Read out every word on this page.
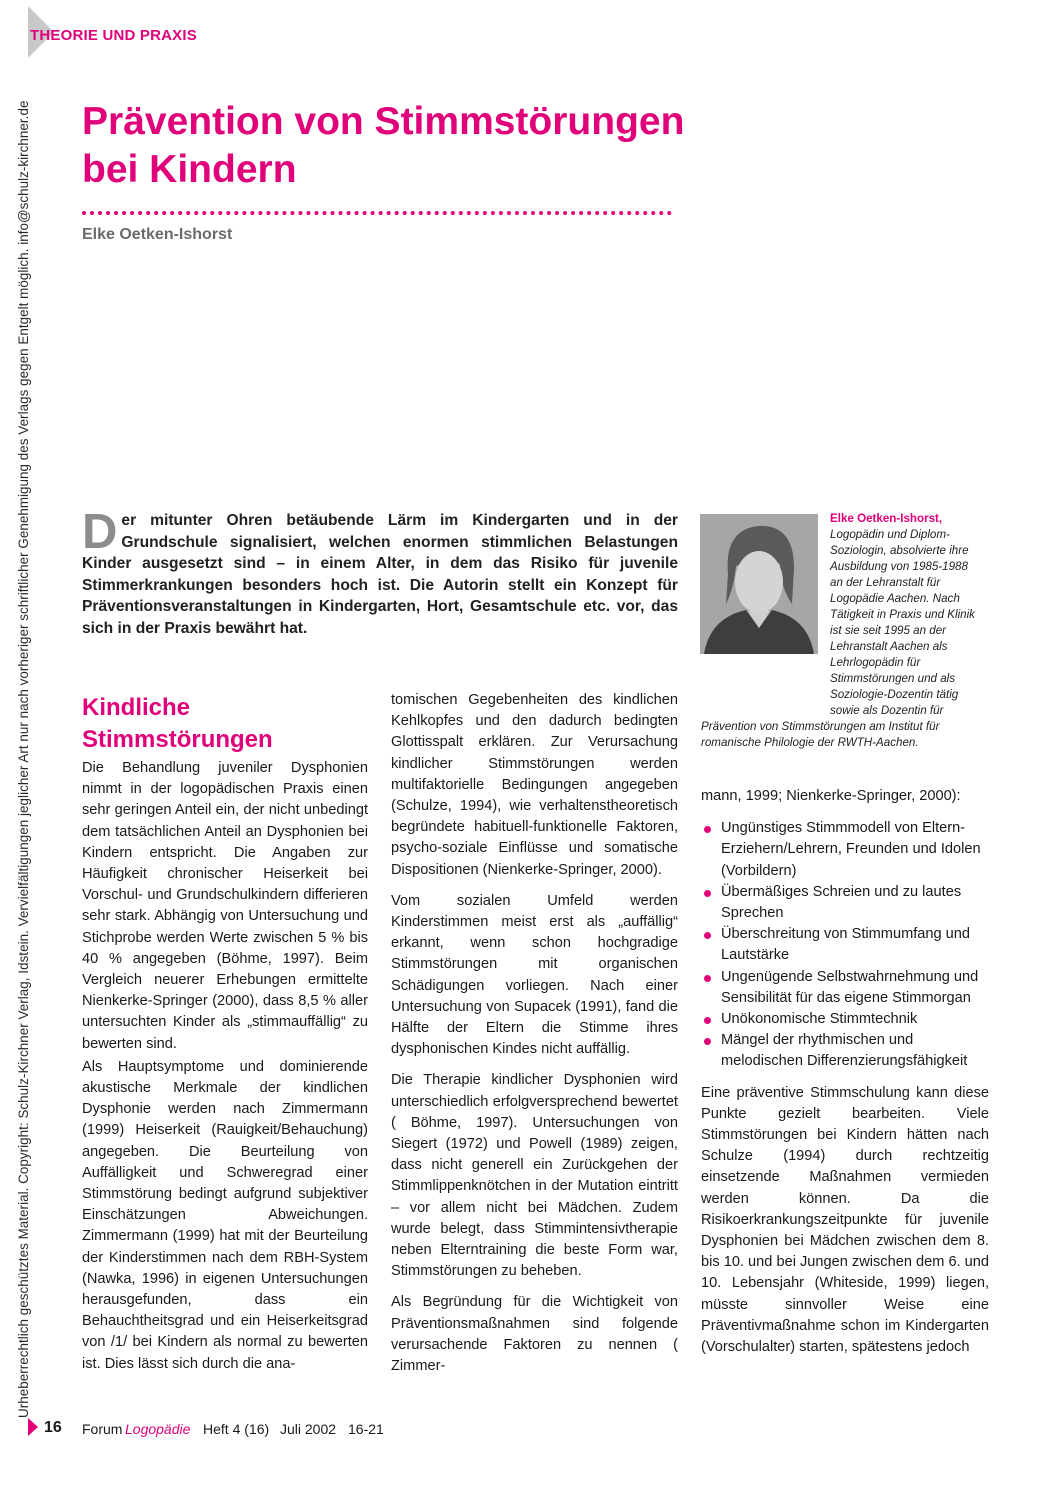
THEORIE UND PRAXIS
Urheberrechtlich geschütztes Material. Copyright: Schulz-Kirchner Verlag, Idstein. Vervielfältigungen jeglicher Art nur nach vorheriger schriftlicher Genehmigung des Verlags gegen Entgelt möglich. info@schulz-kirchner.de Prävention von Stimmstörungen
bei Kindern
Elke Oetken-Ishorst

Der mitunter Ohren betäubende Lärm im Kindergarten und in der Grundschule signalisiert, welchen enormen stimmlichen Belastungen Kinder ausgesetzt sind – in einem Alter, in dem das Risiko für juvenile Stimmerkrankungen besonders hoch ist. Die Autorin stellt ein Konzept für Präventionsveranstaltungen in Kindergarten, Hort, Gesamtschule etc. vor, das sich in der Praxis bewährt hat.

Elke Oetken-Ishorst, Logopädin und Diplom-Soziologin, absolvierte ihre Ausbildung von 1985-1988 an der Lehranstalt für Logopädie Aachen. Nach Tätigkeit in Praxis und Klinik ist sie seit 1995 an der Lehranstalt Aachen als Lehrlogopädin für Stimmstörungen und als Soziologie-Dozentin tätig sowie als Dozentin für Prävention von Stimmstörungen am Institut für romanische Philologie der RWTH-Aachen.
Kindliche Stimmstörungen

Die Behandlung juveniler Dysphonien nimmt in der logopädischen Praxis einen sehr geringen Anteil ein, der nicht unbedingt dem tatsächlichen Anteil an Dysphonien bei Kindern entspricht. Die Angaben zur Häufigkeit chronischer Heiserkeit bei Vorschul- und Grundschulkindern differieren sehr stark. Abhängig von Untersuchung und Stichprobe werden Werte zwischen 5 % bis 40 % angegeben (Böhme, 1997). Beim Vergleich neuerer Erhebungen ermittelte Nienkerke-Springer (2000), dass 8,5 % aller untersuchten Kinder als „stimmauffällig“ zu bewerten sind.

Als Hauptsymptome und dominierende akustische Merkmale der kindlichen Dysphonie werden nach Zimmermann (1999) Heiserkeit (Rauigkeit/Behauchung) angegeben. Die Beurteilung von Auffälligkeit und Schweregrad einer Stimmstörung bedingt aufgrund subjektiver Einschätzungen Abweichungen. Zimmermann (1999) hat mit der Beurteilung der Kinderstimmen nach dem RBH-System (Nawka, 1996) in eigenen Untersuchungen herausgefunden, dass ein Behauchtheitsgrad und ein Heiserkeitsgrad von /1/ bei Kindern als normal zu bewerten ist. Dies lässt sich durch die ana-

tomischen Gegebenheiten des kindlichen Kehlkopfes und den dadurch bedingten Glottisspalt erklären. Zur Verursachung kindlicher Stimmstörungen werden multifaktorielle Bedingungen angegeben (Schulze, 1994), wie verhaltenstheoretisch begründete habituell-funktionelle Faktoren, psycho-soziale Einflüsse und somatische Dispositionen (Nienkerke-Springer, 2000).

Vom sozialen Umfeld werden Kinderstimmen meist erst als „auffällig“ erkannt, wenn schon hochgradige Stimmstörungen mit organischen Schädigungen vorliegen. Nach einer Untersuchung von Supacek (1991), fand die Hälfte der Eltern die Stimme ihres dysphonischen Kindes nicht auffällig.

Die Therapie kindlicher Dysphonien wird unterschiedlich erfolgversprechend bewertet ( Böhme, 1997). Untersuchungen von Siegert (1972) und Powell (1989) zeigen, dass nicht generell ein Zurückgehen der Stimmlippenknötchen in der Mutation eintritt – vor allem nicht bei Mädchen. Zudem wurde belegt, dass Stimmintensivtherapie neben Elterntraining die beste Form war, Stimmstörungen zu beheben.

Als Begründung für die Wichtigkeit von Präventionsmaßnahmen sind folgende verursachende Faktoren zu nennen ( Zimmer-

mann, 1999; Nienkerke-Springer, 2000):

Ungünstiges Stimmmodell von Eltern-Erziehern/Lehrern, Freunden und Idolen (Vorbildern)
Übermäßiges Schreien und zu lautes Sprechen
Überschreitung von Stimmumfang und Lautstärke
Ungenügende Selbstwahrnehmung und Sensibilität für das eigene Stimmorgan
Unökonomische Stimmtechnik
Mängel der rhythmischen und melodischen Differenzierungsfähigkeit

Eine präventive Stimmschulung kann diese Punkte gezielt bearbeiten. Viele Stimmstörungen bei Kindern hätten nach Schulze (1994) durch rechtzeitig einsetzende Maßnahmen vermieden werden können. Da die Risikoerkrankungszeitpunkte für juvenile Dysphonien bei Mädchen zwischen dem 8. bis 10. und bei Jungen zwischen dem 6. und 10. Lebensjahr (Whiteside, 1999) liegen, müsste sinnvoller Weise eine Präventivmaßnahme schon im Kindergarten (Vorschulalter) starten, spätestens jedoch

16 Forum Logopädie Heft 4 (16) Juli 2002 16-21
